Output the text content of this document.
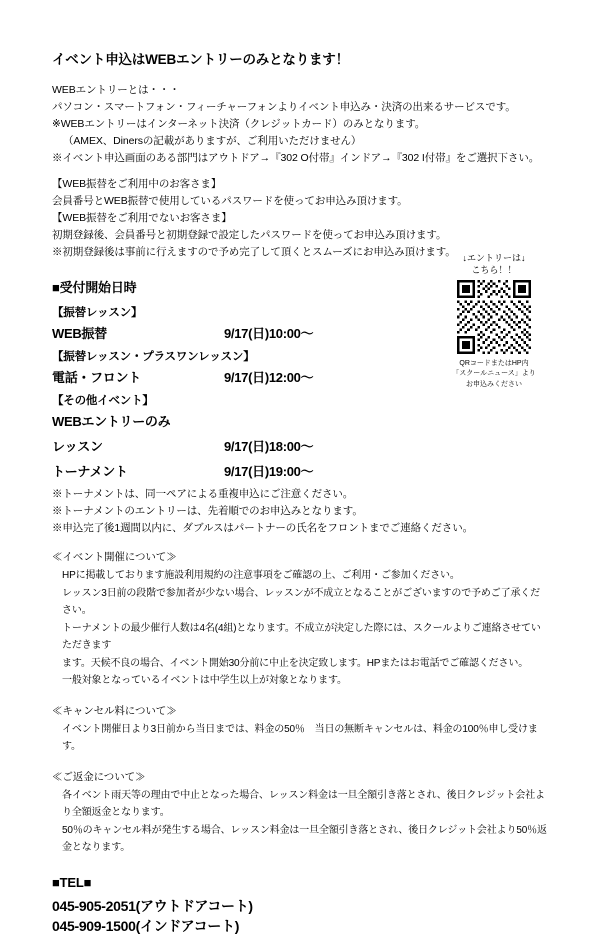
イベント申込はWEBエントリーのみとなります！

WEBエントリーとは・・・

パソコン・スマートフォン・フィーチャーフォンよりイベント申込み・決済の出来るサービスです。

※WEBエントリーはインターネット決済（クレジットカード）のみとなります。

（AMEX、Dinersの記載がありますが、ご利用いただけません）

※イベント申込画面のある部門はアウトドア→『302 O付帯』インドア→『302 I付帯』をご選択下さい。

【WEB振替をご利用中のお客さま】

会員番号とWEB振替で使用しているパスワードを使ってお申込み頂けます。

【WEB振替をご利用でないお客さま】

初期登録後、会員番号と初期登録で設定したパスワードを使ってお申込み頂けます。

※初期登録後は事前に行えますので予め完了して頂くとスムーズにお申込み頂けます。

■受付開始日時
【振替レッスン】
WEB振替	9/17(日)10:00～
【振替レッスン・プラスワンレッスン】
電話・フロント	9/17(日)12:00～
【その他イベント】
WEBエントリーのみ
レッスン	9/17(日)18:00～
トーナメント	9/17(日)19:00～
※トーナメントは、同一ペアによる重複申込にご注意ください。
※トーナメントのエントリーは、先着順でのお申込みとなります。
※申込完了後1週間以内に、ダブルスはパートナーの氏名をフロントまでご連絡ください。
≪イベント開催について≫
HPに掲載しております施設利用規約の注意事項をご確認の上、ご利用・ご参加ください。
レッスン3日前の段階で参加者が少ない場合、レッスンが不成立となることがございますので予めご了承ください。
トーナメントの最少催行人数は4名(4組)となります。不成立が決定した際には、スクールよりご連絡させていただきます
ます。天候不良の場合、イベント開始30分前に中止を決定致します。HPまたはお電話でご確認ください。
一般対象となっているイベントは中学生以上が対象となります。
≪キャンセル料について≫
イベント開催日より3日前から当日までは、料金の50％　当日の無断キャンセルは、料金の100％申し受けます。
≪ご返金について≫
各イベント雨天等の理由で中止となった場合、レッスン料金は一旦全額引き落とされ、後日クレジット会社より全額返金となります。
50％のキャンセル料が発生する場合、レッスン料金は一旦全額引き落とされ、後日クレジット会社より50％返金となります。
■TEL■
045-905-2051(アウトドアコート)
045-909-1500(インドアコート)
↓エントリーは↓
こちら！！
QRコードまたはHP内
「スクールニュース」より
お申込みください
